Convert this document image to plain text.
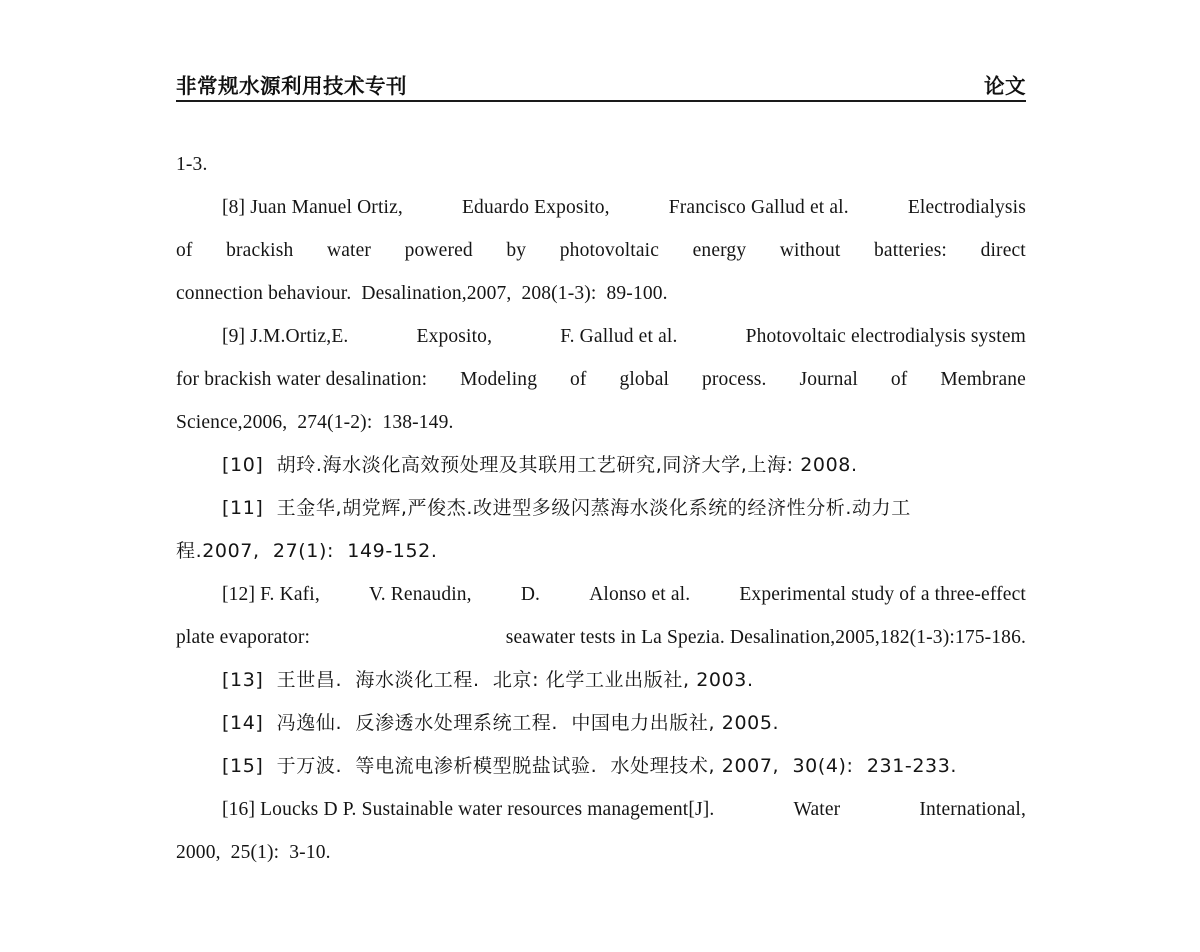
非常规水源利用技术专刊	论文
1-3.
[8] Juan Manuel Ortiz,	Eduardo Exposito,	Francisco Gallud et al.	Electrodialysis
of brackish water powered by photovoltaic energy without batteries: direct
connection behaviour.  Desalination,2007,  208(1-3):  89-100.
[9] J.M.Ortiz,E.	Exposito,	F. Gallud et al.	Photovoltaic electrodialysis system
for brackish water desalination: Modeling of global process. Journal of Membrane
Science,2006,  274(1-2):  138-149.
[10]  胡玲.海水淡化高效预处理及其联用工艺研究,同济大学,上海: 2008.
[11]  王金华,胡党辉,严俊杰.改进型多级闪蒸海水淡化系统的经济性分析.动力工
程.2007,  27(1):  149-152.
[12] F. Kafi,	V. Renaudin,	D.	Alonso et al.	Experimental study of a three-effect
plate evaporator:	seawater tests in La Spezia. Desalination,2005,182(1-3):175-186.
[13]  王世昌.  海水淡化工程.  北京: 化学工业出版社, 2003.
[14]  冯逸仙.  反渗透水处理系统工程.  中国电力出版社, 2005.
[15]  于万波.  等电流电渗析模型脱盐试验.  水处理技术, 2007,  30(4):  231-233.
[16] Loucks D P. Sustainable water resources management[J].	Water	International,
2000,  25(1):  3-10.
